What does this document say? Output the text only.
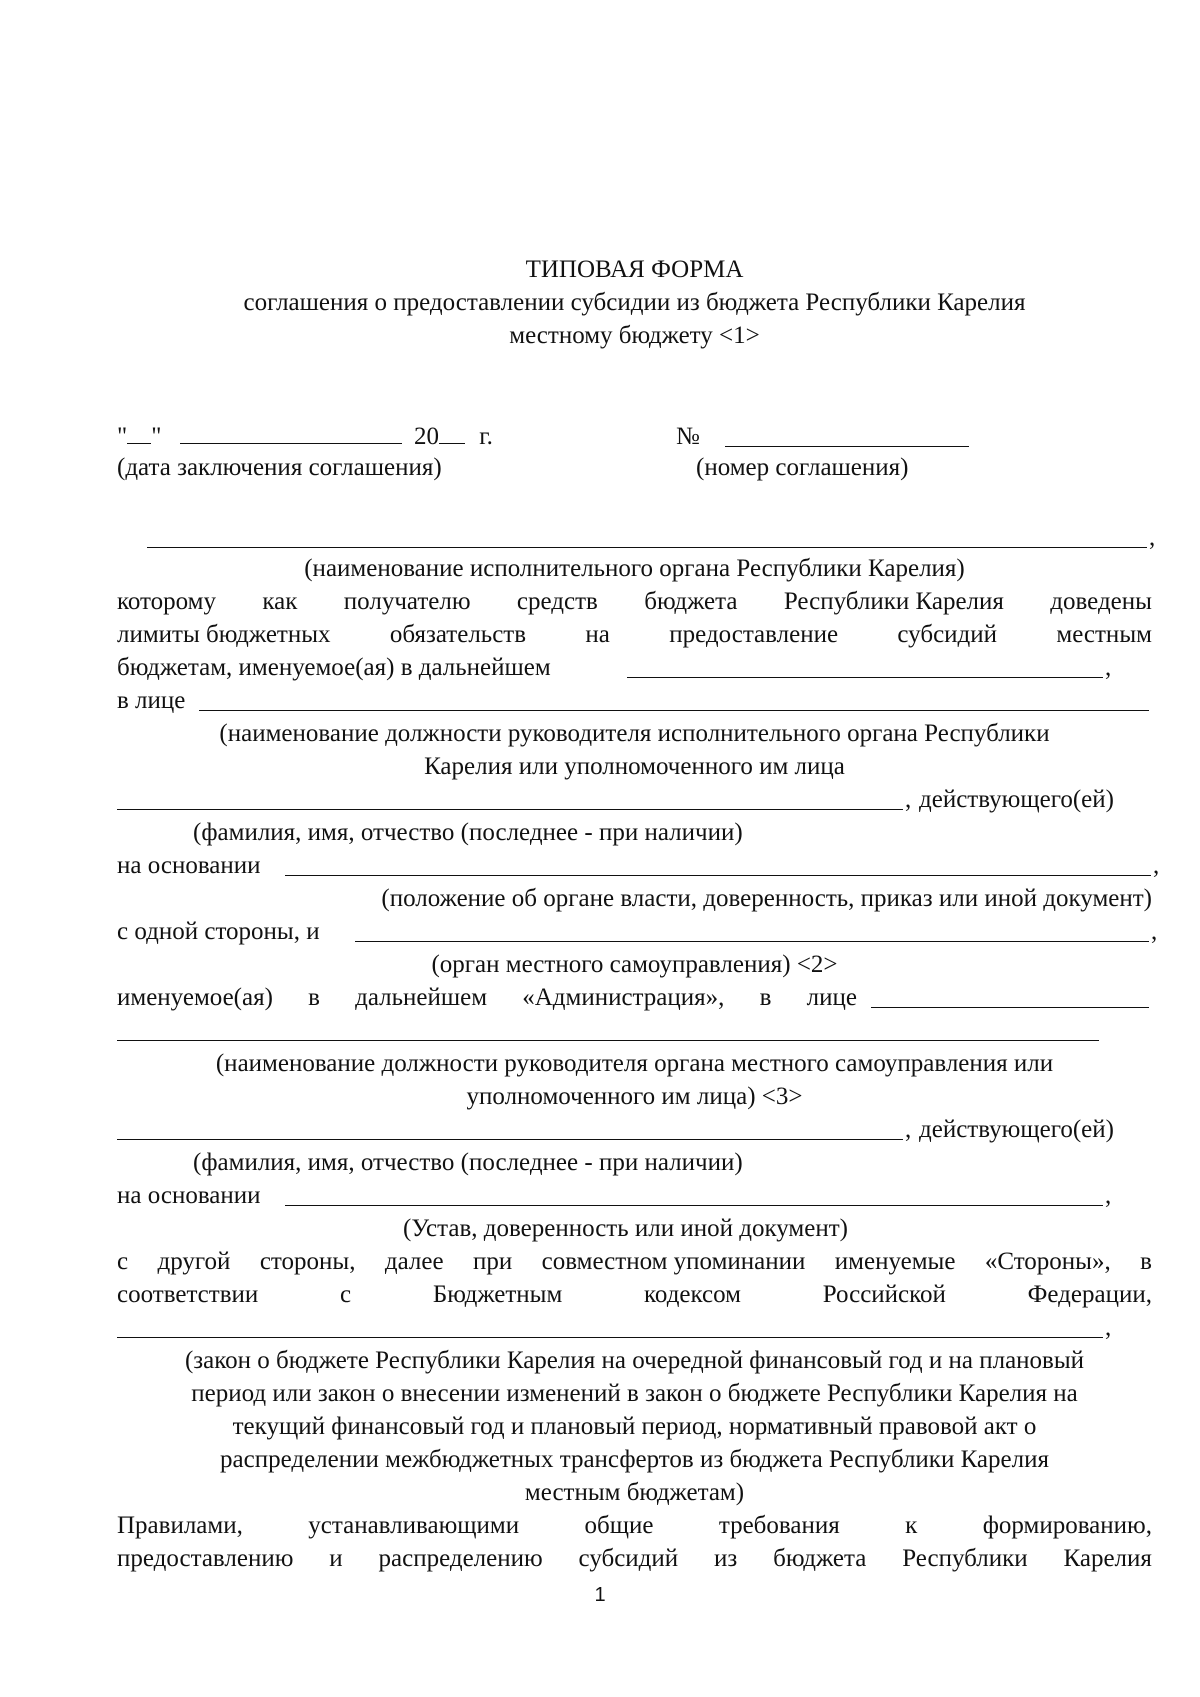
ТИПОВАЯ ФОРМА
соглашения о предоставлении субсидии из бюджета Республики Карелия
местному бюджету <1>
" "	20 г.	№
(дата заключения соглашения)	(номер соглашения)
,
(наименование исполнительного органа Республики Карелия)
которому как получателю средств бюджета Республики Карелия доведены
лимиты бюджетных обязательств на предоставление субсидий местным
бюджетам, именуемое(ая) в дальнейшем	,
в лице
(наименование должности руководителя исполнительного органа Республики
Карелия или уполномоченного им лица
, действующего(ей)
(фамилия, имя, отчество (последнее - при наличии)
на основании	,
(положение об органе власти, доверенность, приказ или иной документ)
с одной стороны, и	,
(орган местного самоуправления) <2>
именуемое(ая) в дальнейшем «Администрация», в лице
(наименование должности руководителя органа местного самоуправления или
уполномоченного им лица) <3>
, действующего(ей)
(фамилия, имя, отчество (последнее - при наличии)
на основании	,
(Устав, доверенность или иной документ)
с другой стороны, далее при совместном упоминании именуемые «Стороны», в
соответствии	с	Бюджетным	кодексом	Российской	Федерации,
,
(закон о бюджете Республики Карелия на очередной финансовый год и на плановый
период или закон о внесении изменений в закон о бюджете Республики Карелия на
текущий финансовый год и плановый период, нормативный правовой акт о
распределении межбюджетных трансфертов из бюджета Республики Карелия
местным бюджетам)
Правилами,	устанавливающими	общие	требования	к	формированию,
предоставлению и распределению субсидий из бюджета Республики Карелия
1
